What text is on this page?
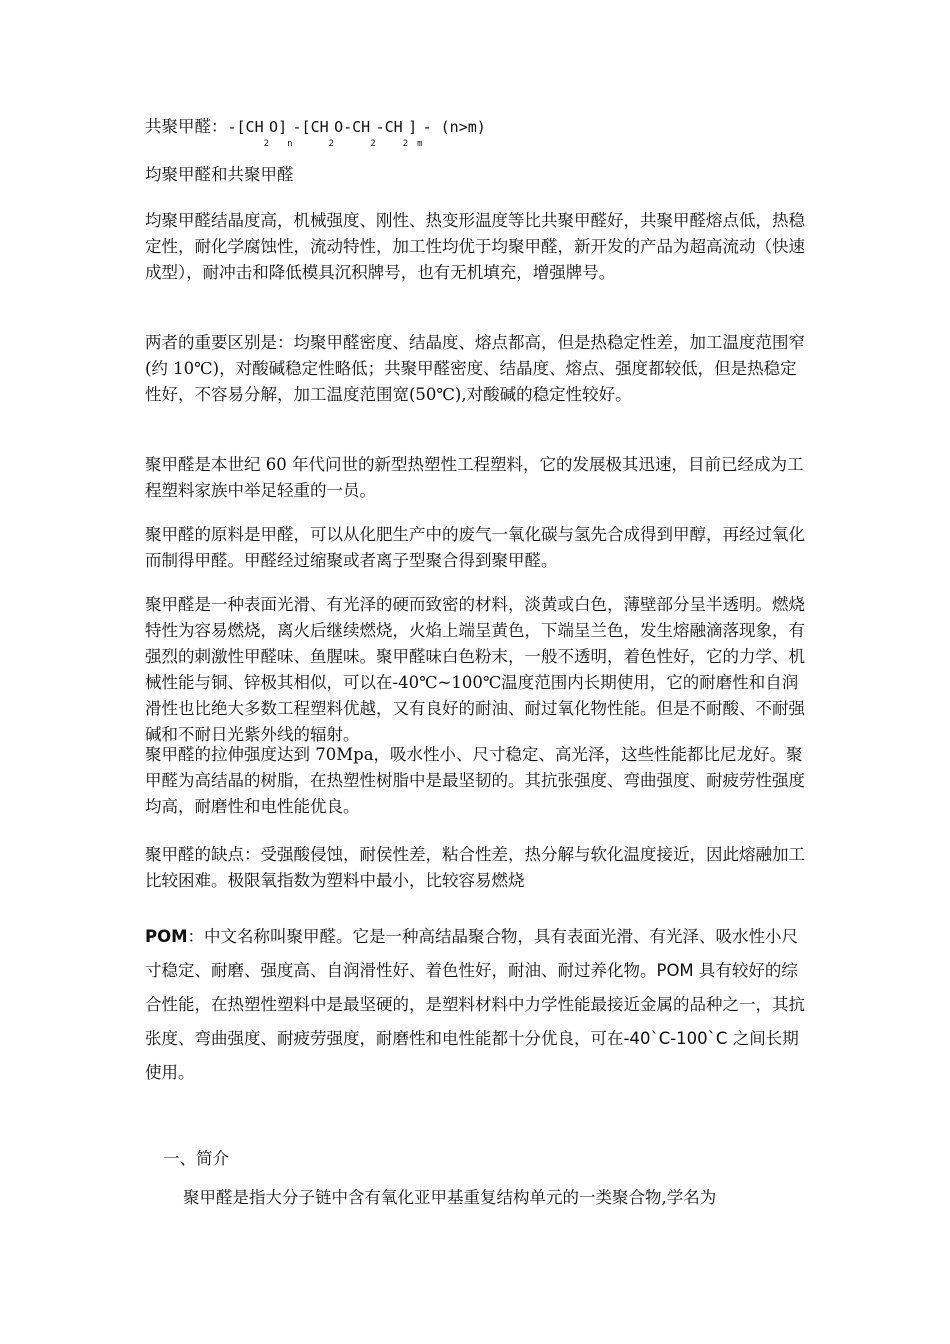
共聚甲醛：$-[CH_2O]_n-[CH_2O-CH_2-CH_2]_m-$ (n>m)

均聚甲醛和共聚甲醛

均聚甲醛结晶度高，机械强度、刚性、热变形温度等比共聚甲醛好，共聚甲醛熔点低，热稳定性，耐化学腐蚀性，流动特性，加工性均优于均聚甲醛，新开发的产品为超高流动（快速成型），耐冲击和降低模具沉积牌号，也有无机填充，增强牌号。

两者的重要区别是：均聚甲醛密度、结晶度、熔点都高，但是热稳定性差，加工温度范围窄(约 10℃)，对酸碱稳定性略低；共聚甲醛密度、结晶度、熔点、强度都较低，但是热稳定性好，不容易分解，加工温度范围宽(50℃),对酸碱的稳定性较好。

聚甲醛是本世纪 60 年代问世的新型热塑性工程塑料，它的发展极其迅速，目前已经成为工程塑料家族中举足轻重的一员。

聚甲醛的原料是甲醛，可以从化肥生产中的废气一氧化碳与氢先合成得到甲醇，再经过氧化而制得甲醛。甲醛经过缩聚或者离子型聚合得到聚甲醛。

聚甲醛是一种表面光滑、有光泽的硬而致密的材料，淡黄或白色，薄壁部分呈半透明。燃烧特性为容易燃烧，离火后继续燃烧，火焰上端呈黄色，下端呈兰色，发生熔融滴落现象，有强烈的刺激性甲醛味、鱼腥味。聚甲醛味白色粉末，一般不透明，着色性好，它的力学、机械性能与铜、锌极其相似，可以在-40℃~100℃温度范围内长期使用，它的耐磨性和自润滑性也比绝大多数工程塑料优越，又有良好的耐油、耐过氧化物性能。但是不耐酸、不耐强碱和不耐日光紫外线的辐射。

聚甲醛的拉伸强度达到 70Mpa，吸水性小、尺寸稳定、高光泽，这些性能都比尼龙好。聚甲醛为高结晶的树脂，在热塑性树脂中是最坚韧的。其抗张强度、弯曲强度、耐疲劳性强度均高，耐磨性和电性能优良。

聚甲醛的缺点：受强酸侵蚀，耐侯性差，粘合性差，热分解与软化温度接近，因此熔融加工比较困难。极限氧指数为塑料中最小，比较容易燃烧

POM：中文名称叫聚甲醛。它是一种高结晶聚合物，具有表面光滑、有光泽、吸水性小尺寸稳定、耐磨、强度高、自润滑性好、着色性好，耐油、耐过养化物。POM 具有较好的综合性能，在热塑性塑料中是最坚硬的，是塑料材料中力学性能最接近金属的品种之一，其抗张度、弯曲强度、耐疲劳强度，耐磨性和电性能都十分优良，可在-40`C-100`C 之间长期使用。

一、简介

聚甲醛是指大分子链中含有氧化亚甲基重复结构单元的一类聚合物,学名为
